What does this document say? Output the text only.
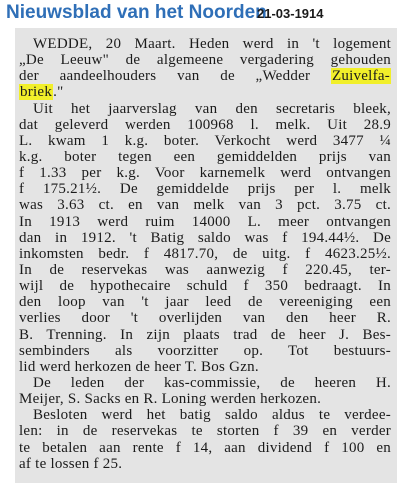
Nieuwsblad van het Noorden
21-03-1914
WEDDE, 20 Maart. Heden werd in 't logement
„De Leeuw" de algemeene vergadering gehouden
der aandeelhouders van de „Wedder Zuivelfa-
briek."
Uit het jaarverslag van den secretaris bleek,
dat geleverd werden 100968 l. melk. Uit 28.9
L. kwam 1 k.g. boter. Verkocht werd 3477 ¼
k.g. boter tegen een gemiddelden prijs van
f 1.33 per k.g. Voor karnemelk werd ontvangen
f 175.21½. De gemiddelde prijs per l. melk
was 3.63 ct. en van melk van 3 pct. 3.75 ct.
In 1913 werd ruim 14000 L. meer ontvangen
dan in 1912. 't Batig saldo was f 194.44½. De
inkomsten bedr. f 4817.70, de uitg. f 4623.25½.
In de reservekas was aanwezig f 220.45, ter-
wijl de hypothecaire schuld f 350 bedraagt. In
den loop van 't jaar leed de vereeniging een
verlies door 't overlijden van den heer R.
B. Trenning. In zijn plaats trad de heer J. Bes-
sembinders als voorzitter op. Tot bestuurs-
lid werd herkozen de heer T. Bos Gzn.
De leden der kas-commissie, de heeren H.
Meijer, S. Sacks en R. Loning werden herkozen.
Besloten werd het batig saldo aldus te verdee-
len: in de reservekas te storten f 39 en verder
te betalen aan rente f 14, aan dividend f 100 en
af te lossen f 25.
